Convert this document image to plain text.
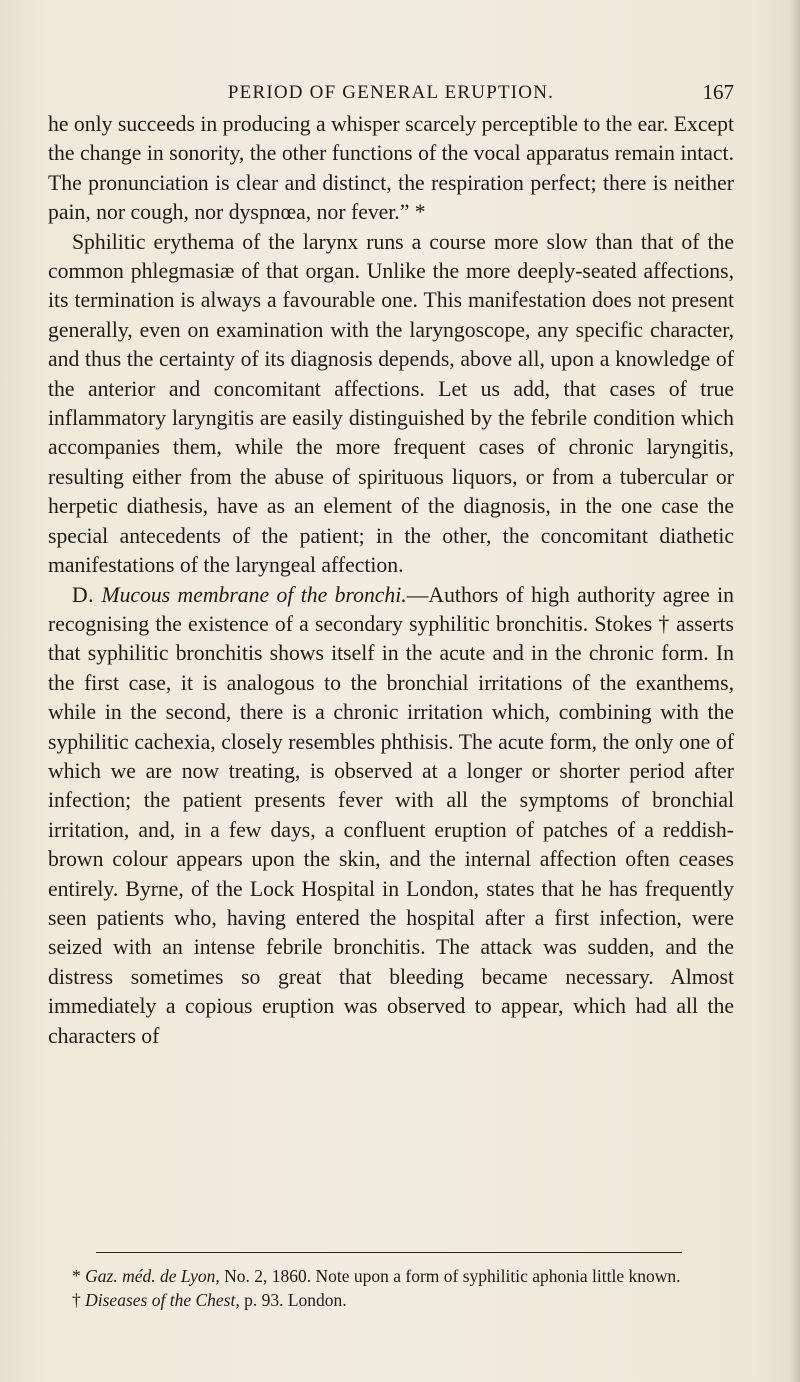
PERIOD OF GENERAL ERUPTION.	167

he only succeeds in producing a whisper scarcely perceptible to the ear. Except the change in sonority, the other functions of the vocal apparatus remain intact. The pronunciation is clear and distinct, the respiration perfect; there is neither pain, nor cough, nor dyspnœa, nor fever.” *

Sphilitic erythema of the larynx runs a course more slow than that of the common phlegmasiæ of that organ. Unlike the more deeply-seated affections, its termination is always a favourable one. This manifestation does not present generally, even on examination with the laryngoscope, any specific character, and thus the certainty of its diagnosis depends, above all, upon a knowledge of the anterior and concomitant affections. Let us add, that cases of true inflammatory laryngitis are easily distinguished by the febrile condition which accompanies them, while the more frequent cases of chronic laryngitis, resulting either from the abuse of spirituous liquors, or from a tubercular or herpetic diathesis, have as an element of the diagnosis, in the one case the special antecedents of the patient; in the other, the concomitant diathetic manifestations of the laryngeal affection.

D. Mucous membrane of the bronchi.—Authors of high authority agree in recognising the existence of a secondary syphilitic bronchitis. Stokes † asserts that syphilitic bronchitis shows itself in the acute and in the chronic form. In the first case, it is analogous to the bronchial irritations of the exanthems, while in the second, there is a chronic irritation which, combining with the syphilitic cachexia, closely resembles phthisis. The acute form, the only one of which we are now treating, is observed at a longer or shorter period after infection; the patient presents fever with all the symptoms of bronchial irritation, and, in a few days, a confluent eruption of patches of a reddish-brown colour appears upon the skin, and the internal affection often ceases entirely. Byrne, of the Lock Hospital in London, states that he has frequently seen patients who, having entered the hospital after a first infection, were seized with an intense febrile bronchitis. The attack was sudden, and the distress sometimes so great that bleeding became necessary. Almost immediately a copious eruption was observed to appear, which had all the characters of

* Gaz. méd. de Lyon, No. 2, 1860. Note upon a form of syphilitic aphonia little known.

† Diseases of the Chest, p. 93. London.
